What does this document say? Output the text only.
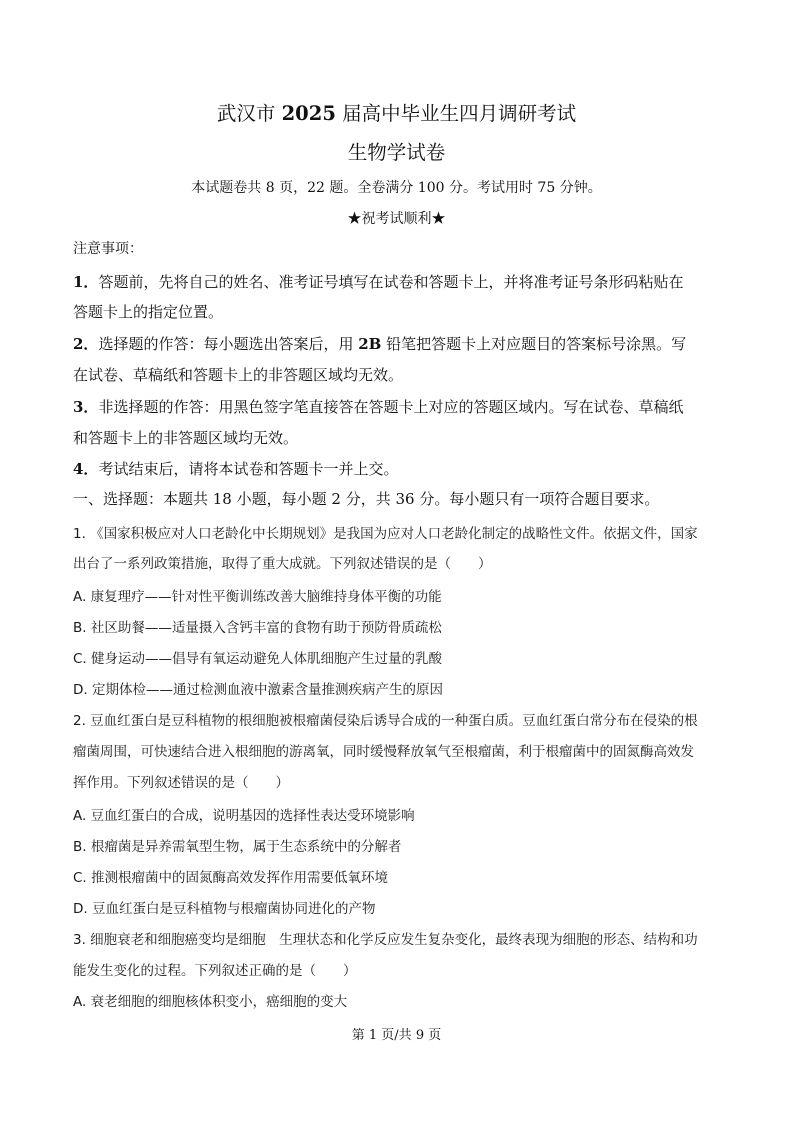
武汉市 2025 届高中毕业生四月调研考试
生物学试卷
本试题卷共 8 页，22 题。全卷满分 100 分。考试用时 75 分钟。
★祝考试顺利★
注意事项：
1．答题前，先将自己的姓名、准考证号填写在试卷和答题卡上，并将准考证号条形码粘贴在
答题卡上的指定位置。
2．选择题的作答：每小题选出答案后，用 2B 铅笔把答题卡上对应题目的答案标号涂黑。写
在试卷、草稿纸和答题卡上的非答题区域均无效。
3．非选择题的作答：用黑色签字笔直接答在答题卡上对应的答题区域内。写在试卷、草稿纸
和答题卡上的非答题区域均无效。
4．考试结束后，请将本试卷和答题卡一并上交。
一、选择题：本题共 18 小题，每小题 2 分，共 36 分。每小题只有一项符合题目要求。
1. 《国家积极应对人口老龄化中长期规划》是我国为应对人口老龄化制定的战略性文件。依据文件，国家
出台了一系列政策措施，取得了重大成就。下列叙述错误的是（　　）
A. 康复理疗——针对性平衡训练改善大脑维持身体平衡的功能
B. 社区助餐——适量摄入含钙丰富的食物有助于预防骨质疏松
C. 健身运动——倡导有氧运动避免人体肌细胞产生过量的乳酸
D. 定期体检——通过检测血液中激素含量推测疾病产生的原因
2. 豆血红蛋白是豆科植物的根细胞被根瘤菌侵染后诱导合成的一种蛋白质。豆血红蛋白常分布在侵染的根
瘤菌周围，可快速结合进入根细胞的游离氧，同时缓慢释放氧气至根瘤菌，利于根瘤菌中的固氮酶高效发
挥作用。下列叙述错误的是（　　）
A. 豆血红蛋白的合成，说明基因的选择性表达受环境影响
B. 根瘤菌是异养需氧型生物，属于生态系统中的分解者
C. 推测根瘤菌中的固氮酶高效发挥作用需要低氧环境
D. 豆血红蛋白是豆科植物与根瘤菌协同进化的产物
3. 细胞衰老和细胞癌变均是细胞　生理状态和化学反应发生复杂变化，最终表现为细胞的形态、结构和功
能发生变化的过程。下列叙述正确的是（　　）
A. 衰老细胞的细胞核体积变小，癌细胞的变大
第 1 页/共 9 页
